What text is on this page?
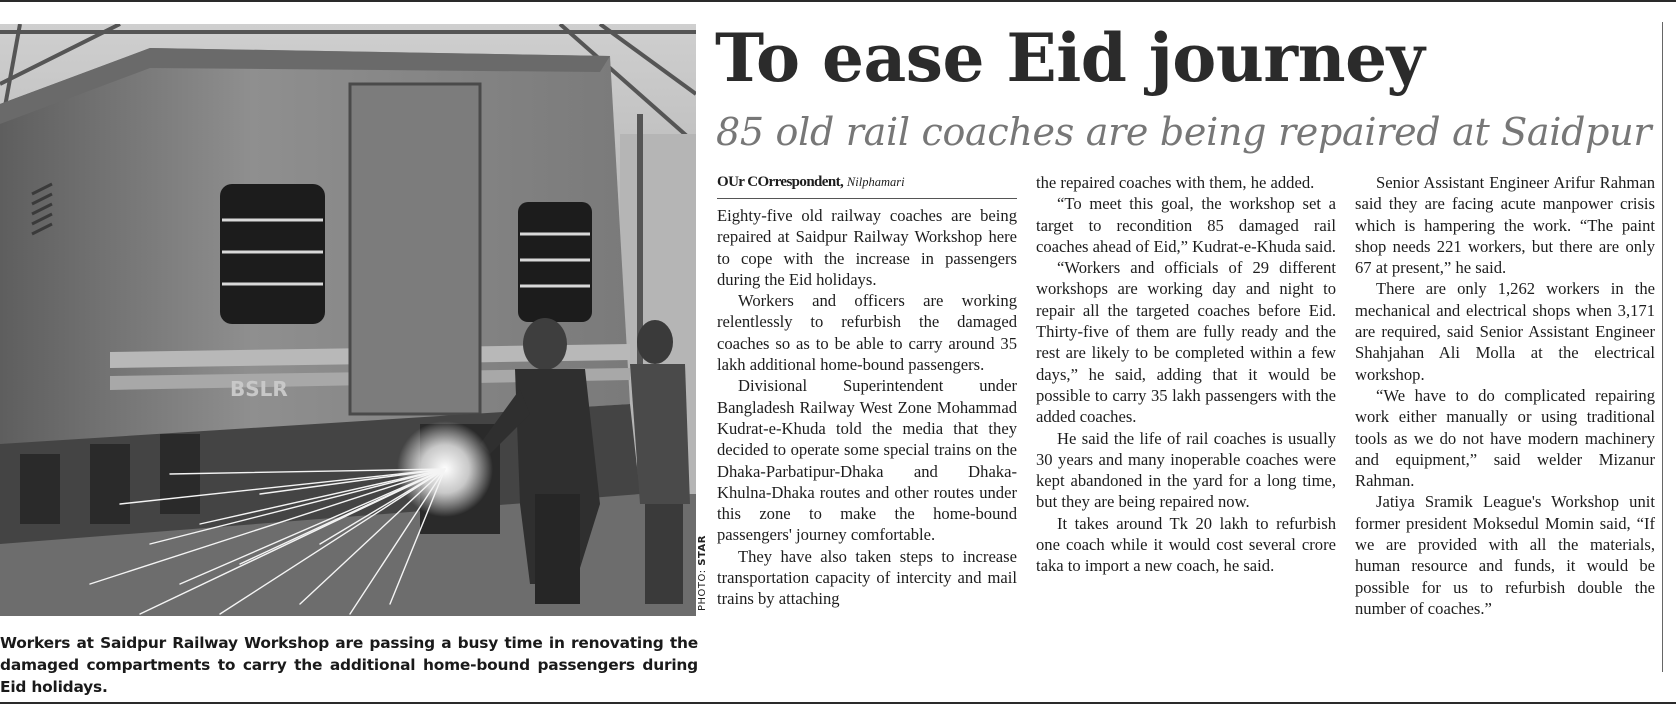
BSLR
PHOTO: STAR
Workers at Saidpur Railway Workshop are passing a busy time in renovating the damaged compartments to carry the additional home-bound passengers during Eid holidays.
To ease Eid journey
85 old rail coaches are being repaired at Saidpur
OUr COrrespondent, Nilphamari

Eighty-five old railway coaches are being repaired at Saidpur Railway Workshop here to cope with the increase in passengers during the Eid holidays.

Workers and officers are working relentlessly to refurbish the damaged coaches so as to be able to carry around 35 lakh additional home-bound passengers.

Divisional Superintendent under Bangladesh Railway West Zone Mohammad Kudrat-e-Khuda told the media that they decided to operate some special trains on the Dhaka-Parbatipur-Dhaka and Dhaka-Khulna-Dhaka routes and other routes under this zone to make the home-bound passengers' journey comfortable.

They have also taken steps to increase transportation capacity of intercity and mail trains by attaching

the repaired coaches with them, he added.

“To meet this goal, the workshop set a target to recondition 85 damaged rail coaches ahead of Eid,” Kudrat-e-Khuda said.

“Workers and officials of 29 different workshops are working day and night to repair all the targeted coaches before Eid. Thirty-five of them are fully ready and the rest are likely to be completed within a few days,” he said, adding that it would be possible to carry 35 lakh passengers with the added coaches.

He said the life of rail coaches is usually 30 years and many inoperable coaches were kept abandoned in the yard for a long time, but they are being repaired now.

It takes around Tk 20 lakh to refurbish one coach while it would cost several crore taka to import a new coach, he said.

Senior Assistant Engineer Arifur Rahman said they are facing acute manpower crisis which is hampering the work. “The paint shop needs 221 workers, but there are only 67 at present,” he said.

There are only 1,262 workers in the mechanical and electrical shops when 3,171 are required, said Senior Assistant Engineer Shahjahan Ali Molla at the electrical workshop.

“We have to do complicated repairing work either manually or using traditional tools as we do not have modern machinery and equipment,” said welder Mizanur Rahman.

Jatiya Sramik League's Workshop unit former president Moksedul Momin said, “If we are provided with all the materials, human resource and funds, it would be possible for us to refurbish double the number of coaches.”
